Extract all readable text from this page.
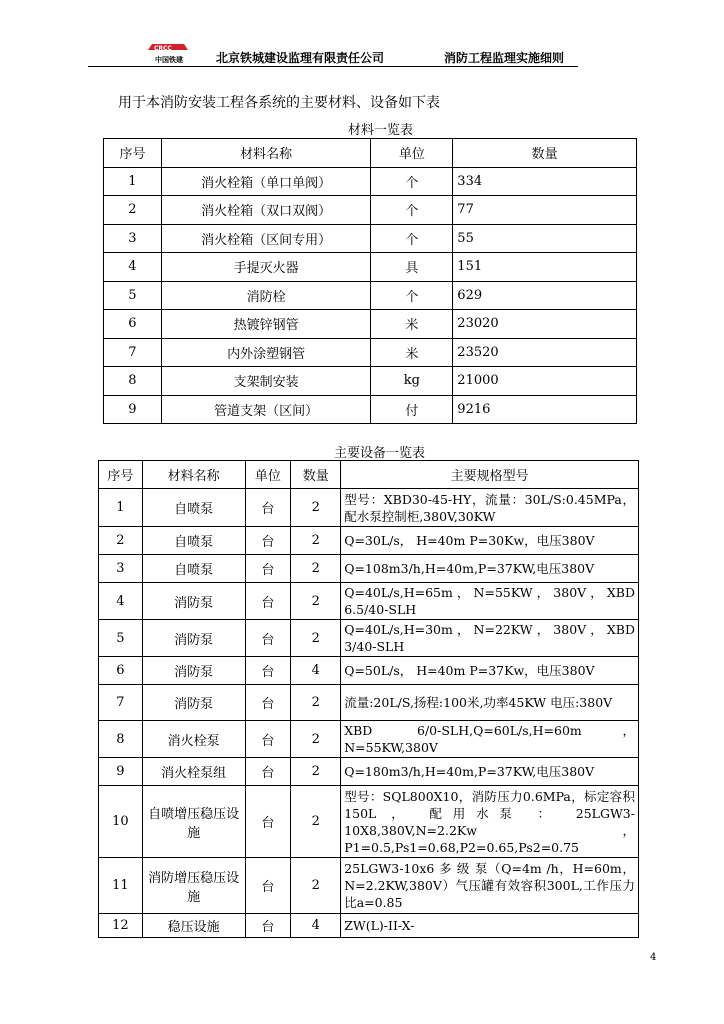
CRCC
中国铁建	北京铁城建设监理有限责任公司	消防工程监理实施细则
用于本消防安装工程各系统的主要材料、设备如下表
材料一览表
序号	材料名称	单位	数量
1	消火栓箱（单口单阀）	个	334
2	消火栓箱（双口双阀）	个	77
3	消火栓箱（区间专用）	个	55
4	手提灭火器	具	151
5	消防栓	个	629
6	热镀锌钢管	米	23020
7	内外涂塑钢管	米	23520
8	支架制安装	kg	21000
9	管道支架（区间）	付	9216
主要设备一览表
序号	材料名称	单位	数量	主要规格型号
1	自喷泵	台	2	型号：XBD30-45-HY，流量：30L/S:0.45MPa，配水泵控制柜,380V,30KW
2	自喷泵	台	2	Q=30L/s， H=40m P=30Kw，电压380V
3	自喷泵	台	2	Q=108m3/h,H=40m,P=37KW,电压380V
4	消防泵	台	2	Q=40L/s,H=65m ， N=55KW ， 380V ， XBD 6.5/40-SLH
5	消防泵	台	2	Q=40L/s,H=30m，N=22KW，380V，XBD 3/40-SLH
6	消防泵	台	4	Q=50L/s， H=40m P=37Kw，电压380V
7	消防泵	台	2	流量:20L/S,扬程:100米,功率45KW 电压:380V
8	消火栓泵	台	2	XBD 6/0-SLH,Q=60L/s,H=60m，N=55KW,380V
9	消火栓泵组	台	2	Q=180m3/h,H=40m,P=37KW,电压380V
10	自喷增压稳压设施	台	2	型号：SQL800X10，消防压力0.6MPa，标定容积 150L ， 配用水泵 ： 25LGW3-10X8,380V,N=2.2Kw ， P1=0.5,Ps1=0.68,P2=0.65,Ps2=0.75
11	消防增压稳压设施	台	2	25LGW3-10x6 多 级 泵（Q=4m /h，H=60m，N=2.2KW,380V）气压罐有效容积300L,工作压力比a=0.85
12	稳压设施	台	4	ZW(L)-II-X-
4
